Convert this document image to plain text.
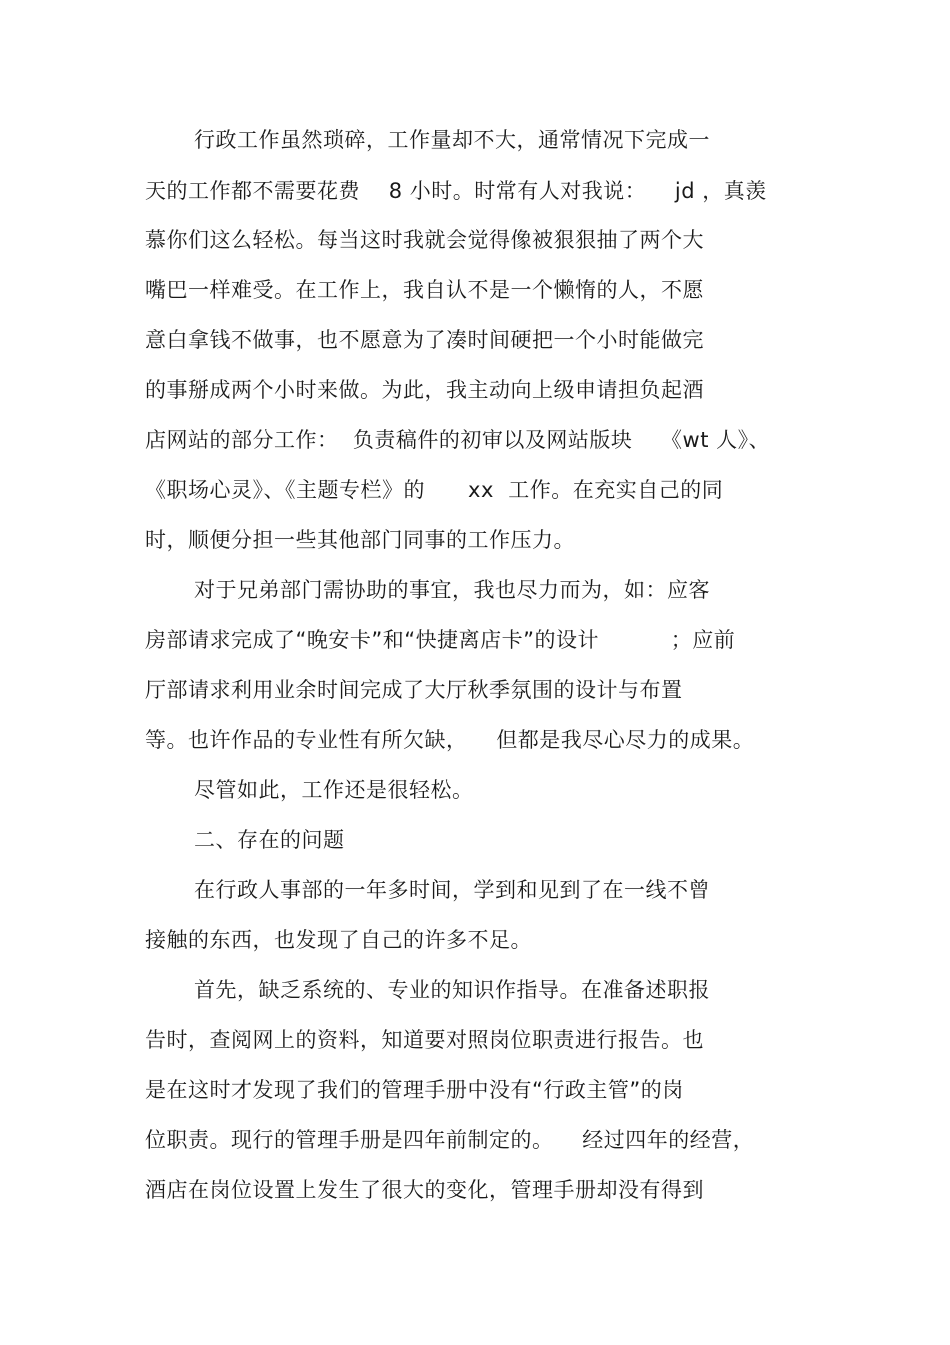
行政工作虽然琐碎，工作量却不大，通常情况下完成一
天的工作都不需要花费    8 小时。时常有人对我说：    jd ，真羡
慕你们这么轻松。每当这时我就会觉得像被狠狠抽了两个大
嘴巴一样难受。在工作上，我自认不是一个懒惰的人，不愿
意白拿钱不做事，也不愿意为了凑时间硬把一个小时能做完
的事掰成两个小时来做。为此，我主动向上级申请担负起酒
店网站的部分工作：  负责稿件的初审以及网站版块    《wt 人》、
《职场心灵》、《主题专栏》的      xx  工作。在充实自己的同
时，顺便分担一些其他部门同事的工作压力。
对于兄弟部门需协助的事宜，我也尽力而为，如：应客
房部请求完成了“晚安卡”和“快捷离店卡”的设计          ；应前
厅部请求利用业余时间完成了大厅秋季氛围的设计与布置
等。也许作品的专业性有所欠缺，    但都是我尽心尽力的成果。
尽管如此，工作还是很轻松。
二、存在的问题
在行政人事部的一年多时间，学到和见到了在一线不曾
接触的东西，也发现了自己的许多不足。
首先，缺乏系统的、专业的知识作指导。在准备述职报
告时，查阅网上的资料，知道要对照岗位职责进行报告。也
是在这时才发现了我们的管理手册中没有“行政主管”的岗
位职责。现行的管理手册是四年前制定的。    经过四年的经营，
酒店在岗位设置上发生了很大的变化，管理手册却没有得到
